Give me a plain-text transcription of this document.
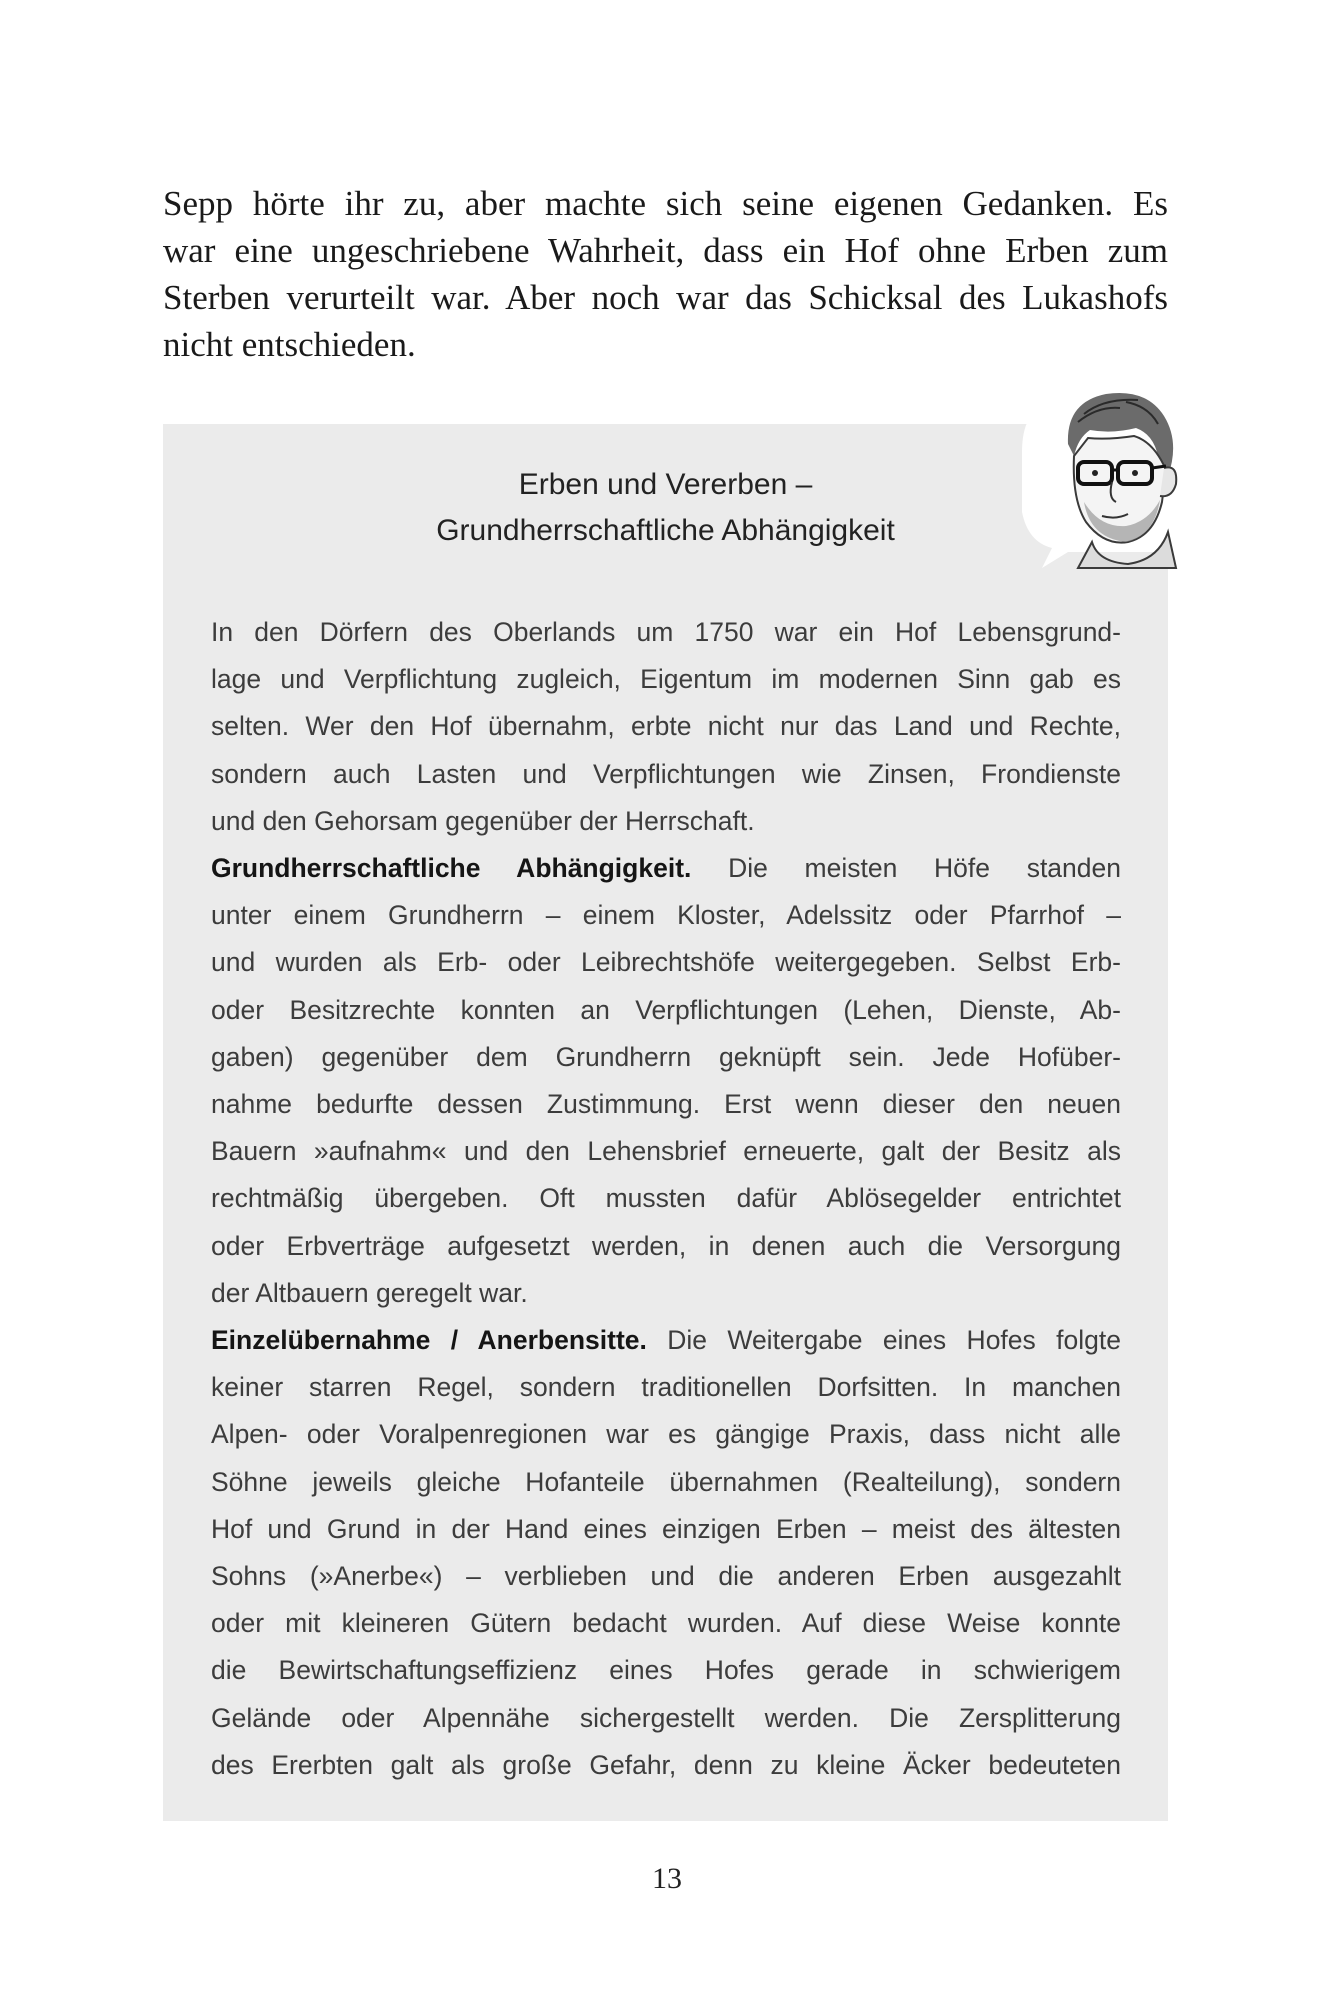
Sepp hörte ihr zu, aber machte sich seine eigenen Gedanken. Es
war eine ungeschriebene Wahrheit, dass ein Hof ohne Erben zum
Sterben verurteilt war. Aber noch war das Schicksal des Lukashofs
nicht entschieden.
Erben und Vererben –
Grundherrschaftliche Abhängigkeit
In den Dörfern des Oberlands um 1750 war ein Hof Lebensgrund-
lage und Verpflichtung zugleich, Eigentum im modernen Sinn gab es
selten. Wer den Hof übernahm, erbte nicht nur das Land und Rechte,
sondern auch Lasten und Verpflichtungen wie Zinsen, Frondienste
und den Gehorsam gegenüber der Herrschaft.
Grundherrschaftliche Abhängigkeit. Die meisten Höfe standen
unter einem Grundherrn – einem Kloster, Adelssitz oder Pfarrhof –
und wurden als Erb- oder Leibrechtshöfe weitergegeben. Selbst Erb-
oder Besitzrechte konnten an Verpflichtungen (Lehen, Dienste, Ab-
gaben) gegenüber dem Grundherrn geknüpft sein. Jede Hofüber-
nahme bedurfte dessen Zustimmung. Erst wenn dieser den neuen
Bauern »aufnahm« und den Lehensbrief erneuerte, galt der Besitz als
rechtmäßig übergeben. Oft mussten dafür Ablösegelder entrichtet
oder Erbverträge aufgesetzt werden, in denen auch die Versorgung
der Altbauern geregelt war.
Einzelübernahme / Anerbensitte. Die Weitergabe eines Hofes folgte
keiner starren Regel, sondern traditionellen Dorfsitten. In manchen
Alpen- oder Voralpenregionen war es gängige Praxis, dass nicht alle
Söhne jeweils gleiche Hofanteile übernahmen (Realteilung), sondern
Hof und Grund in der Hand eines einzigen Erben – meist des ältesten
Sohns (»Anerbe«) – verblieben und die anderen Erben ausgezahlt
oder mit kleineren Gütern bedacht wurden. Auf diese Weise konnte
die Bewirtschaftungseffizienz eines Hofes gerade in schwierigem
Gelände oder Alpennähe sichergestellt werden. Die Zersplitterung
des Ererbten galt als große Gefahr, denn zu kleine Äcker bedeuteten
13
